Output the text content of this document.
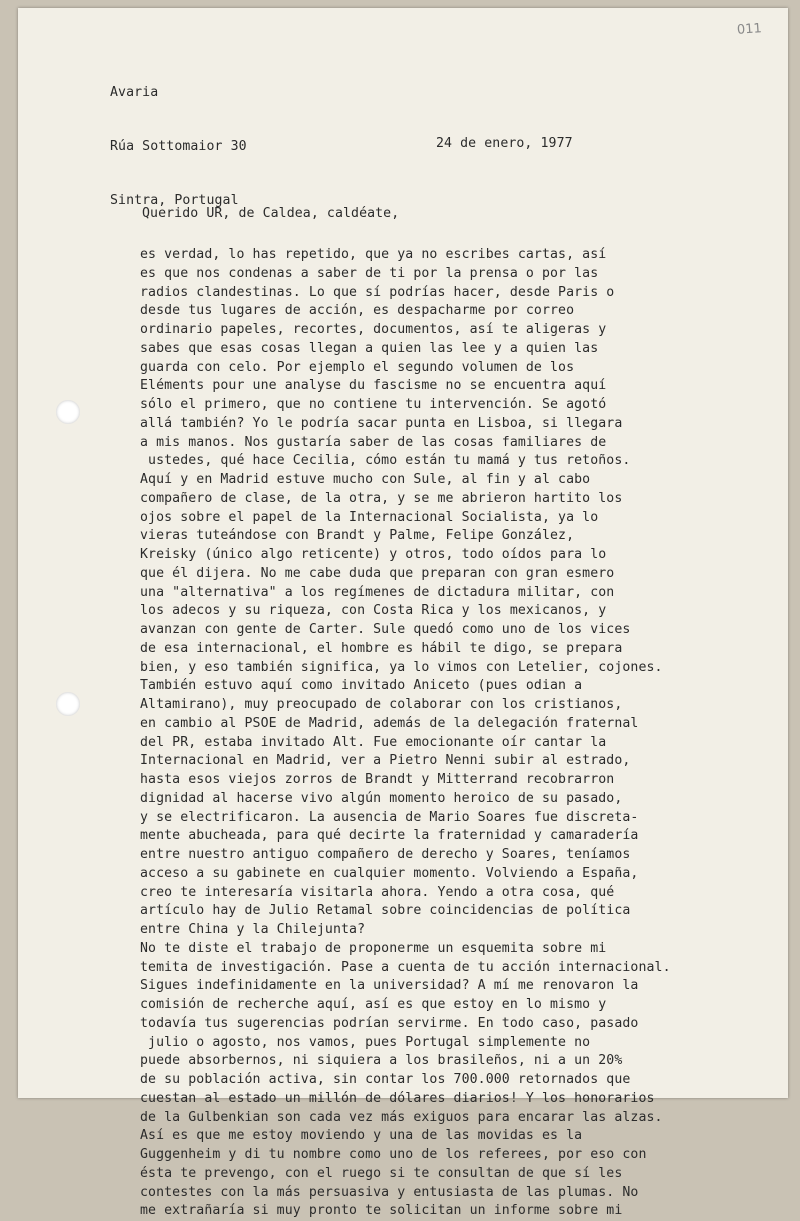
011

Avaria

Rúa Sottomaior 30

Sintra, Portugal

24 de enero, 1977
Querido UR, de Caldea, caldéate,
es verdad, lo has repetido, que ya no escribes cartas, así
es que nos condenas a saber de ti por la prensa o por las
radios clandestinas. Lo que sí podrías hacer, desde Paris o
desde tus lugares de acción, es despacharme por correo
ordinario papeles, recortes, documentos, así te aligeras y
sabes que esas cosas llegan a quien las lee y a quien las
guarda con celo. Por ejemplo el segundo volumen de los
Eléments pour une analyse du fascisme no se encuentra aquí
sólo el primero, que no contiene tu intervención. Se agotó
allá también? Yo le podría sacar punta en Lisboa, si llegara
a mis manos. Nos gustaría saber de las cosas familiares de
ustedes, qué hace Cecilia, cómo están tu mamá y tus retoños.
Aquí y en Madrid estuve mucho con Sule, al fin y al cabo
compañero de clase, de la otra, y se me abrieron hartito los
ojos sobre el papel de la Internacional Socialista, ya lo
vieras tuteándose con Brandt y Palme, Felipe González,
Kreisky (único algo reticente) y otros, todo oídos para lo
que él dijera. No me cabe duda que preparan con gran esmero
una "alternativa" a los regímenes de dictadura militar, con
los adecos y su riqueza, con Costa Rica y los mexicanos, y
avanzan con gente de Carter. Sule quedó como uno de los vices
de esa internacional, el hombre es hábil te digo, se prepara
bien, y eso también significa, ya lo vimos con Letelier, cojones.
También estuvo aquí como invitado Aniceto (pues odian a
Altamirano), muy preocupado de colaborar con los cristianos,
en cambio al PSOE de Madrid, además de la delegación fraternal
del PR, estaba invitado Alt. Fue emocionante oír cantar la
Internacional en Madrid, ver a Pietro Nenni subir al estrado,
hasta esos viejos zorros de Brandt y Mitterrand recobrarron
dignidad al hacerse vivo algún momento heroico de su pasado,
y se electrificaron. La ausencia de Mario Soares fue discreta-
mente abucheada, para qué decirte la fraternidad y camaradería
entre nuestro antiguo compañero de derecho y Soares, teníamos
acceso a su gabinete en cualquier momento. Volviendo a España,
creo te interesaría visitarla ahora. Yendo a otra cosa, qué
artículo hay de Julio Retamal sobre coincidencias de política
entre China y la Chilejunta?
No te diste el trabajo de proponerme un esquemita sobre mi
temita de investigación. Pase a cuenta de tu acción internacional.
Sigues indefinidamente en la universidad? A mí me renovaron la
comisión de recherche aquí, así es que estoy en lo mismo y
todavía tus sugerencias podrían servirme. En todo caso, pasado
julio o agosto, nos vamos, pues Portugal simplemente no
puede absorbernos, ni siquiera a los brasileños, ni a un 20%
de su población activa, sin contar los 700.000 retornados que
cuestan al estado un millón de dólares diarios! Y los honorarios
de la Gulbenkian son cada vez más exiguos para encarar las alzas.
Así es que me estoy moviendo y una de las movidas es la
Guggenheim y di tu nombre como uno de los referees, por eso con
ésta te prevengo, con el ruego si te consultan de que sí les
contestes con la más persuasiva y entusiasta de las plumas. No
me extrañaría si muy pronto te solicitan un informe sobre mi
